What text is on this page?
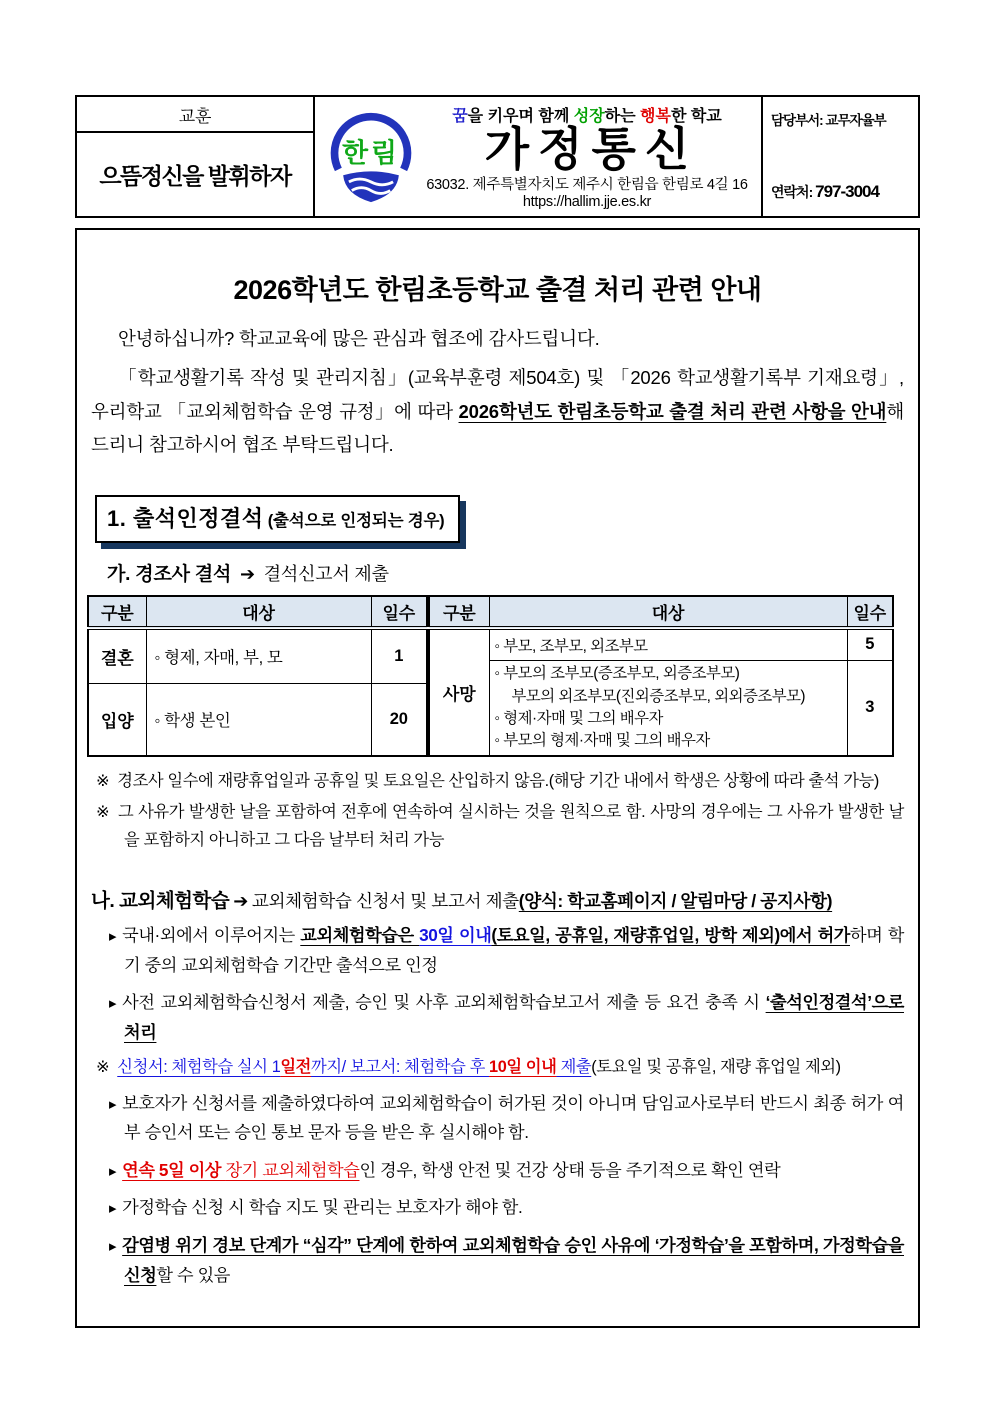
교훈
으뜸정신을 발휘하자
한림
꿈을 키우며 함께 성장하는 행복한 학교
가정통신
63032. 제주특별자치도 제주시 한림읍 한림로 4길 16
https://hallim.jje.es.kr
담당부서: 교무자율부
연락처: 797-3004
2026학년도 한림초등학교 출결 처리 관련 안내
안녕하십니까? 학교교육에 많은 관심과 협조에 감사드립니다.
「학교생활기록 작성 및 관리지침」(교육부훈령 제504호) 및 「2026 학교생활기록부 기재요령」, 우리학교 「교외체험학습 운영 규정」에 따라 2026학년도 한림초등학교 출결 처리 관련 사항을 안내해 드리니 참고하시어 협조 부탁드립니다.
1. 출석인정결석 (출석으로 인정되는 경우)
가. 경조사 결석 ➔ 결석신고서 제출
구분	대상	일수
결혼	◦ 형제, 자매, 부, 모	1
입양	◦ 학생 본인	20
구분	대상	일수
사망	◦ 부모, 조부모, 외조부모	5

	◦ 부모의 조부모(증조부모, 외증조부모)
부모의 외조부모(진외증조부모, 외외증조부모)
◦ 형제·자매 및 그의 배우자
◦ 부모의 형제·자매 및 그의 배우자	3
※ 경조사 일수에 재량휴업일과 공휴일 및 토요일은 산입하지 않음.(해당 기간 내에서 학생은 상황에 따라 출석 가능)
※ 그 사유가 발생한 날을 포함하여 전후에 연속하여 실시하는 것을 원칙으로 함. 사망의 경우에는 그 사유가 발생한 날을 포함하지 아니하고 그 다음 날부터 처리 가능
나. 교외체험학습 ➔ 교외체험학습 신청서 및 보고서 제출(양식: 학교홈페이지 / 알림마당 / 공지사항)
▸ 국내·외에서 이루어지는 교외체험학습은 30일 이내(토요일, 공휴일, 재량휴업일, 방학 제외)에서 허가하며 학기 중의 교외체험학습 기간만 출석으로 인정
▸ 사전 교외체험학습신청서 제출, 승인 및 사후 교외체험학습보고서 제출 등 요건 충족 시 ‘출석인정결석’으로 처리
※ 신청서: 체험학습 실시 1일전까지/ 보고서: 체험학습 후 10일 이내 제출(토요일 및 공휴일, 재량 휴업일 제외)
▸ 보호자가 신청서를 제출하였다하여 교외체험학습이 허가된 것이 아니며 담임교사로부터 반드시 최종 허가 여부 승인서 또는 승인 통보 문자 등을 받은 후 실시해야 함.
▸ 연속 5일 이상 장기 교외체험학습인 경우, 학생 안전 및 건강 상태 등을 주기적으로 확인 연락
▸ 가정학습 신청 시 학습 지도 및 관리는 보호자가 해야 함.
▸ 감염병 위기 경보 단계가 “심각” 단계에 한하여 교외체험학습 승인 사유에 ‘가정학습’을 포함하며, 가정학습을 신청할 수 있음
